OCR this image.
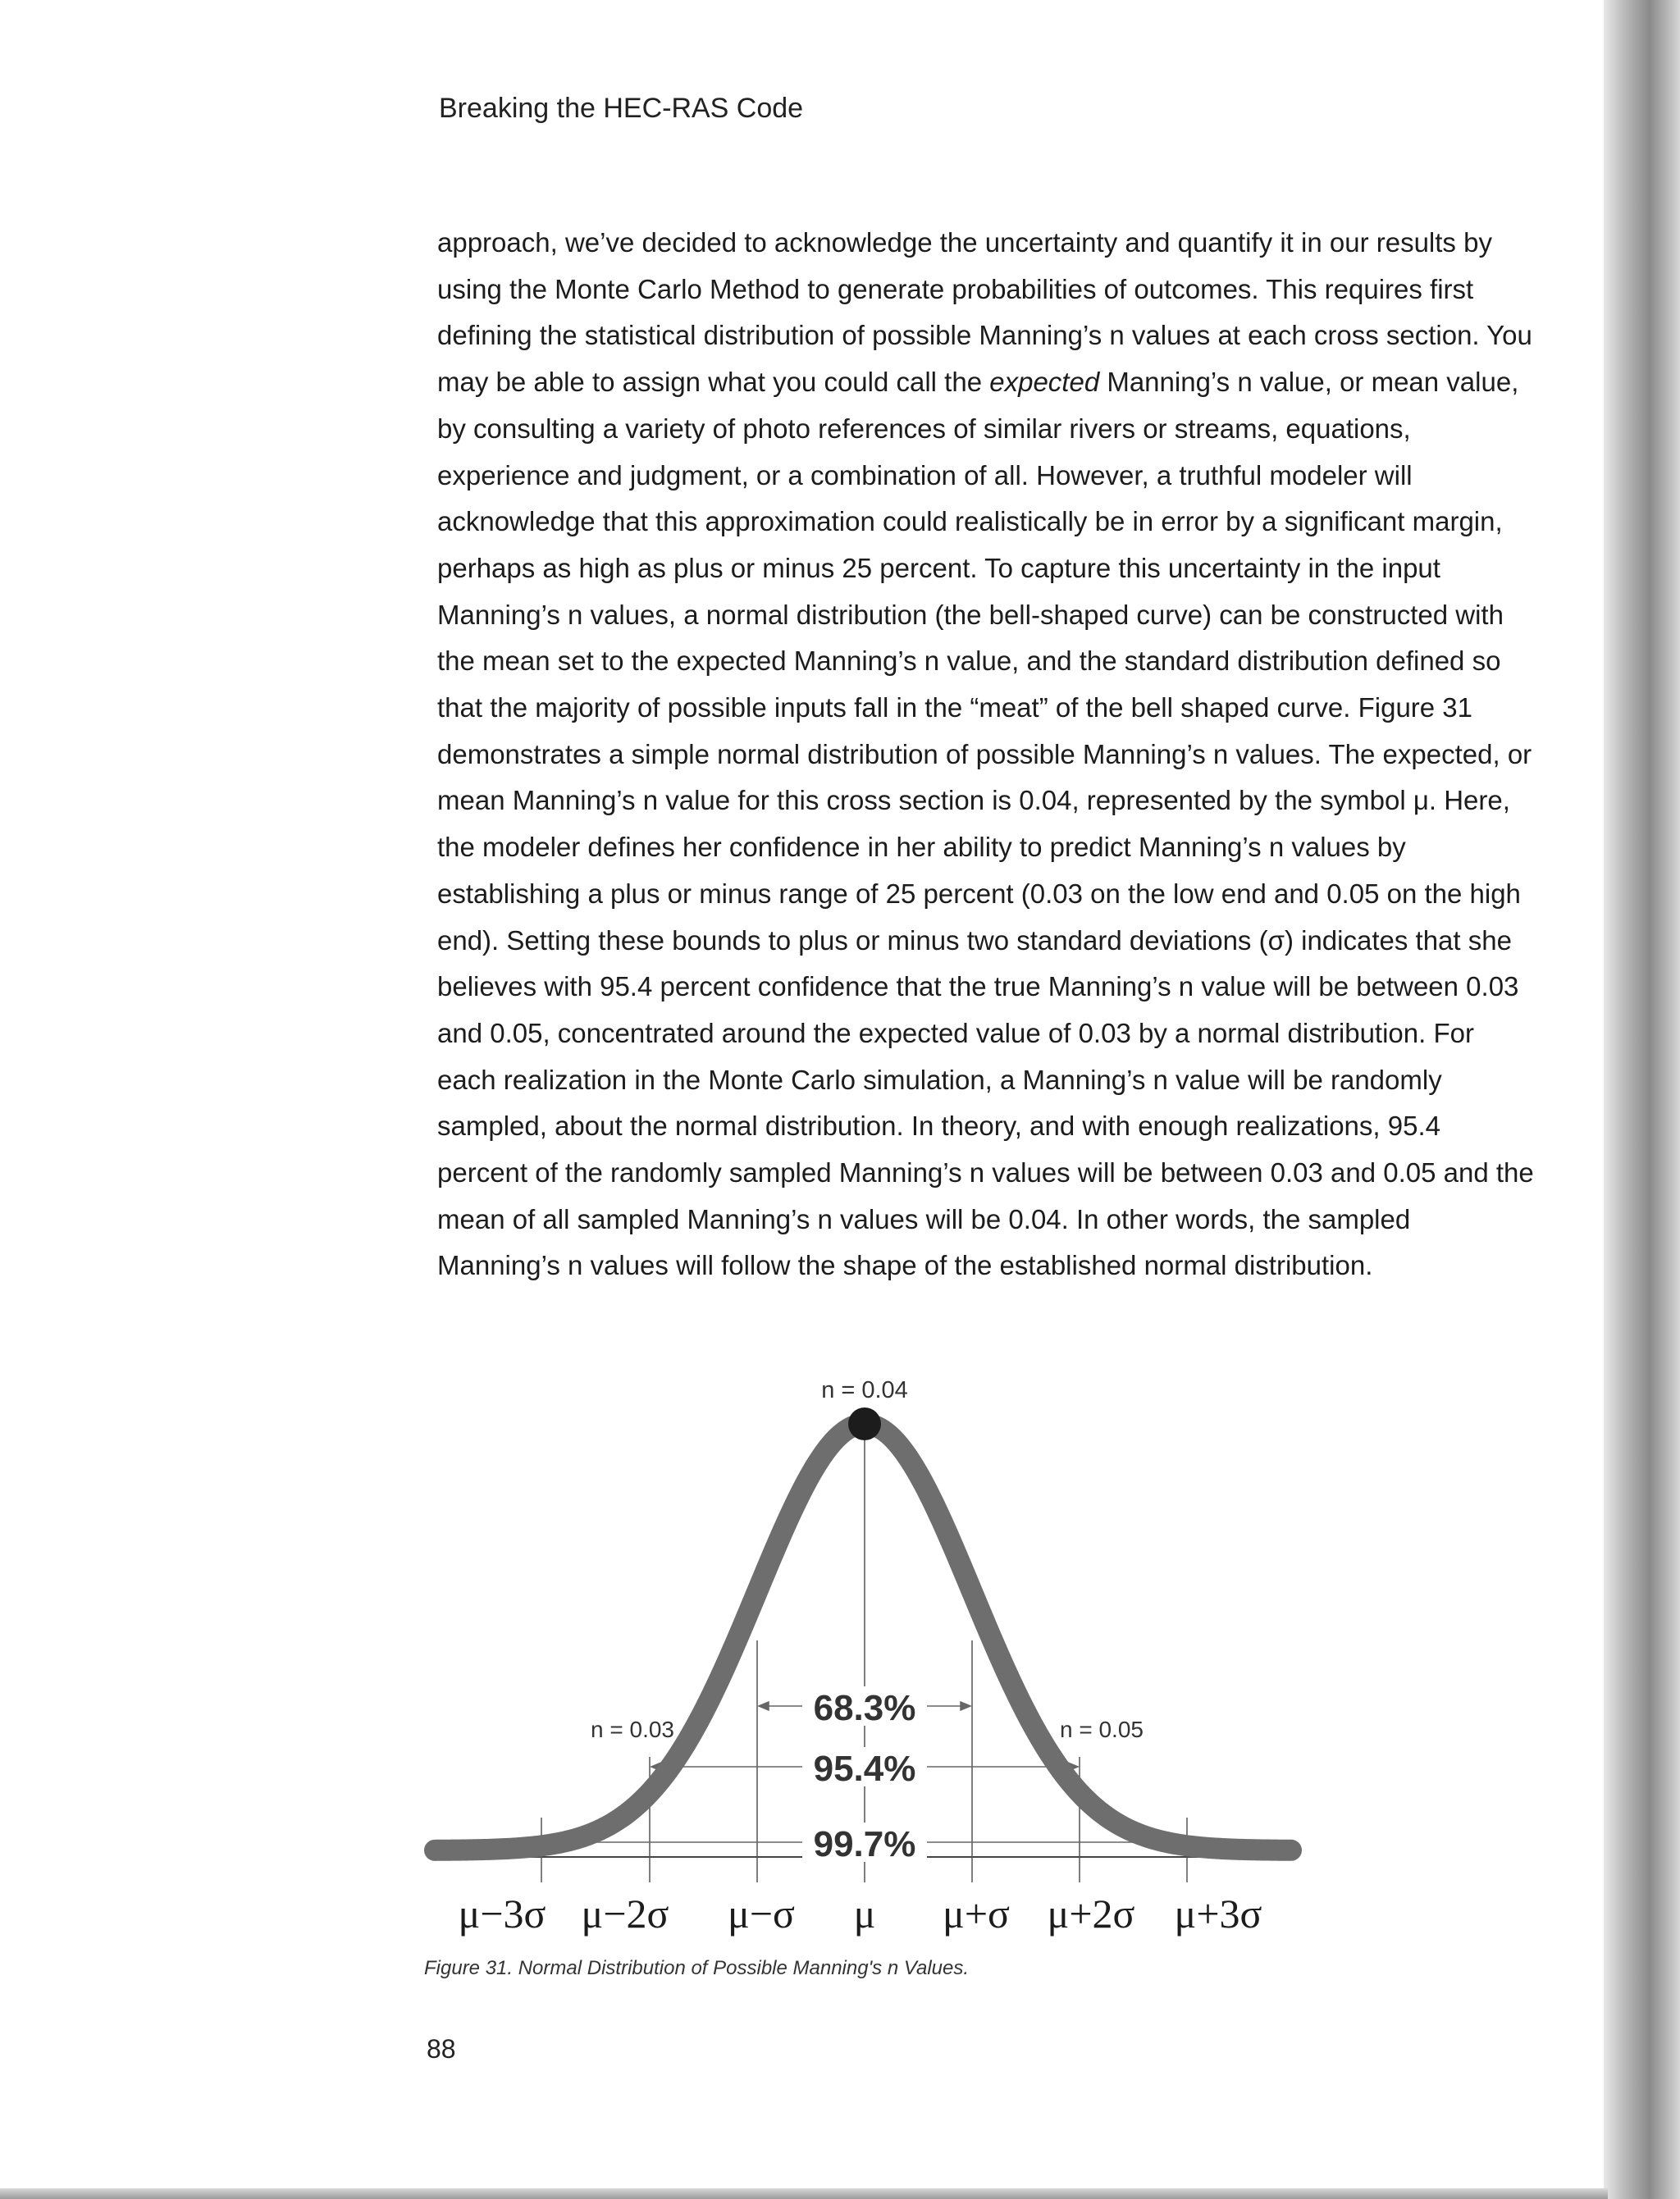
Breaking the HEC-RAS Code

approach, we’ve decided to acknowledge the uncertainty and quantify it in our results by using the Monte Carlo Method to generate probabilities of outcomes. This requires first defining the statistical distribution of possible Manning’s n values at each cross section. You may be able to assign what you could call the expected Manning’s n value, or mean value, by consulting a variety of photo references of similar rivers or streams, equations, experience and judgment, or a combination of all. However, a truthful modeler will acknowledge that this approximation could realistically be in error by a significant margin, perhaps as high as plus or minus 25 percent. To capture this uncertainty in the input Manning’s n values, a normal distribution (the bell-shaped curve) can be constructed with the mean set to the expected Manning’s n value, and the standard distribution defined so that the majority of possible inputs fall in the “meat” of the bell shaped curve. Figure 31 demonstrates a simple normal distribution of possible Manning’s n values. The expected, or mean Manning’s n value for this cross section is 0.04, represented by the symbol μ. Here, the modeler defines her confidence in her ability to predict Manning’s n values by establishing a plus or minus range of 25 percent (0.03 on the low end and 0.05 on the high end). Setting these bounds to plus or minus two standard deviations (σ) indicates that she believes with 95.4 percent confidence that the true Manning’s n value will be between 0.03 and 0.05, concentrated around the expected value of 0.03 by a normal distribution. For each realization in the Monte Carlo simulation, a Manning’s n value will be randomly sampled, about the normal distribution. In theory, and with enough realizations, 95.4 percent of the randomly sampled Manning’s n values will be between 0.03 and 0.05 and the mean of all sampled Manning’s n values will be 0.04. In other words, the sampled Manning’s n values will follow the shape of the established normal distribution.

n = 0.04
n = 0.03	n = 0.05
68.3%
95.4%
99.7%
μ−3σ μ−2σ μ−σ μ μ+σ μ+2σ μ+3σ
Figure 31. Normal Distribution of Possible Manning's n Values.
88
